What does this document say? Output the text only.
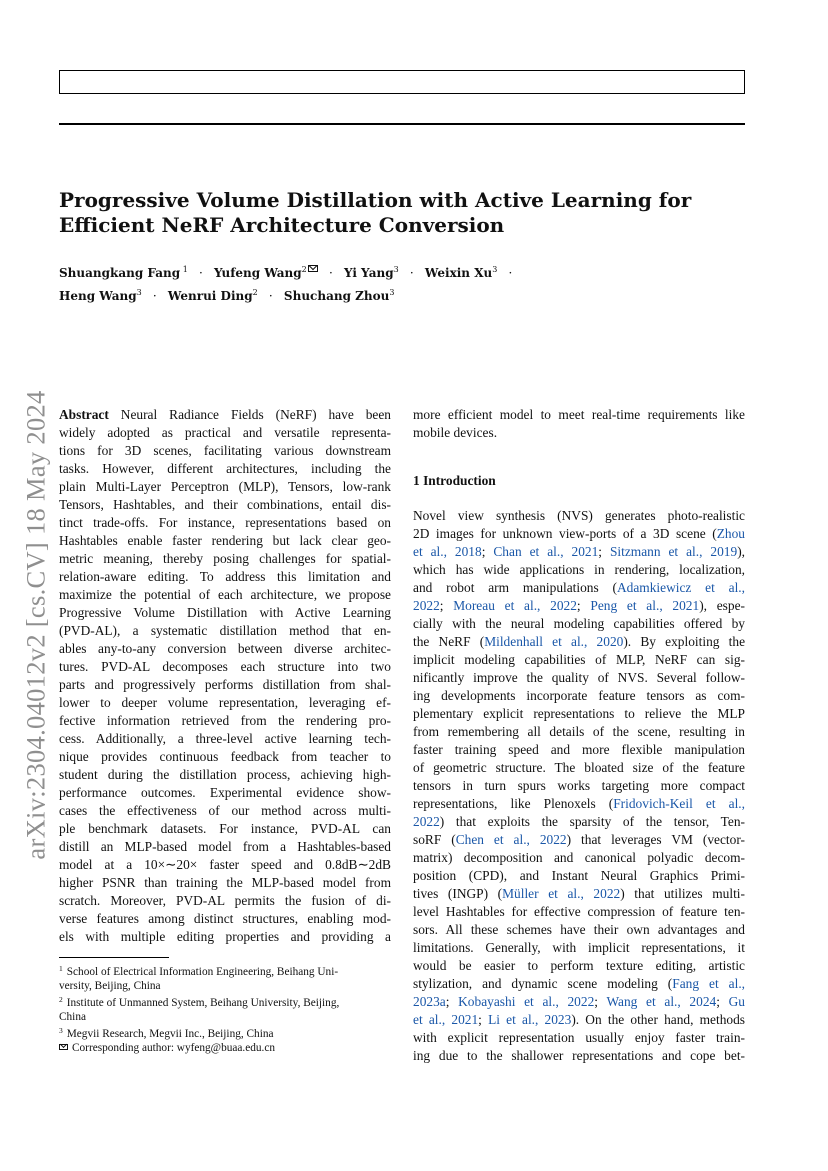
arXiv:2304.04012v2 [cs.CV] 18 May 2024
Progressive Volume Distillation with Active Learning for
Efficient NeRF Architecture Conversion
Shuangkang Fang $^1$ · Yufeng Wang$^2$ · Yi Yang$^3$ · Weixin $Xu^3$ ·
Heng Wang$^3$ · Wenrui Ding$^2$ · Shuchang Zhou$^3$
Abstract Neural Radiance Fields (NeRF) have been
widely adopted as practical and versatile representa-
tions for 3D scenes, facilitating various downstream
tasks. However, different architectures, including the
plain Multi-Layer Perceptron (MLP), Tensors, low-rank
Tensors, Hashtables, and their combinations, entail dis-
tinct trade-offs. For instance, representations based on
Hashtables enable faster rendering but lack clear geo-
metric meaning, thereby posing challenges for spatial-
relation-aware editing. To address this limitation and
maximize the potential of each architecture, we propose
Progressive Volume Distillation with Active Learning
(PVD-AL), a systematic distillation method that en-
ables any-to-any conversion between diverse architec-
tures. PVD-AL decomposes each structure into two
parts and progressively performs distillation from shal-
lower to deeper volume representation, leveraging ef-
fective information retrieved from the rendering pro-
cess. Additionally, a three-level active learning tech-
nique provides continuous feedback from teacher to
student during the distillation process, achieving high-
performance outcomes. Experimental evidence show-
cases the effectiveness of our method across multi-
ple benchmark datasets. For instance, PVD-AL can
distill an MLP-based model from a Hashtables-based
model at a 10×∼20× faster speed and 0.8dB∼2dB
higher PSNR than training the MLP-based model from
scratch. Moreover, PVD-AL permits the fusion of di-
verse features among distinct structures, enabling mod-
els with multiple editing properties and providing a
more efficient model to meet real-time requirements like
mobile devices.
1 Introduction
Novel view synthesis (NVS) generates photo-realistic
2D images for unknown view-ports of a 3D scene (Zhou
et al., 2018; Chan et al., 2021; Sitzmann et al., 2019),
which has wide applications in rendering, localization,
and robot arm manipulations (Adamkiewicz et al.,
2022; Moreau et al., 2022; Peng et al., 2021), espe-
cially with the neural modeling capabilities offered by
the NeRF (Mildenhall et al., 2020). By exploiting the
implicit modeling capabilities of MLP, NeRF can sig-
nificantly improve the quality of NVS. Several follow-
ing developments incorporate feature tensors as com-
plementary explicit representations to relieve the MLP
from remembering all details of the scene, resulting in
faster training speed and more flexible manipulation
of geometric structure. The bloated size of the feature
tensors in turn spurs works targeting more compact
representations, like Plenoxels (Fridovich-Keil et al.,
2022) that exploits the sparsity of the tensor, Ten-
soRF (Chen et al., 2022) that leverages VM (vector-
matrix) decomposition and canonical polyadic decom-
position (CPD), and Instant Neural Graphics Primi-
tives (INGP) (Müller et al., 2022) that utilizes multi-
level Hashtables for effective compression of feature ten-
sors. All these schemes have their own advantages and
limitations. Generally, with implicit representations, it
would be easier to perform texture editing, artistic
stylization, and dynamic scene modeling (Fang et al.,
2023a; Kobayashi et al., 2022; Wang et al., 2024; Gu
et al., 2021; Li et al., 2023). On the other hand, methods
with explicit representation usually enjoy faster train-
ing due to the shallower representations and cope bet-
$^1$ School of Electrical Information Engineering, Beihang Uni-
versity, Beijing, China
$^2$ Institute of Unmanned System, Beihang University, Beijing,
China
$^3$ Megvii Research, Megvii Inc., Beijing, China
Corresponding author: wyfeng@buaa.edu.cn
